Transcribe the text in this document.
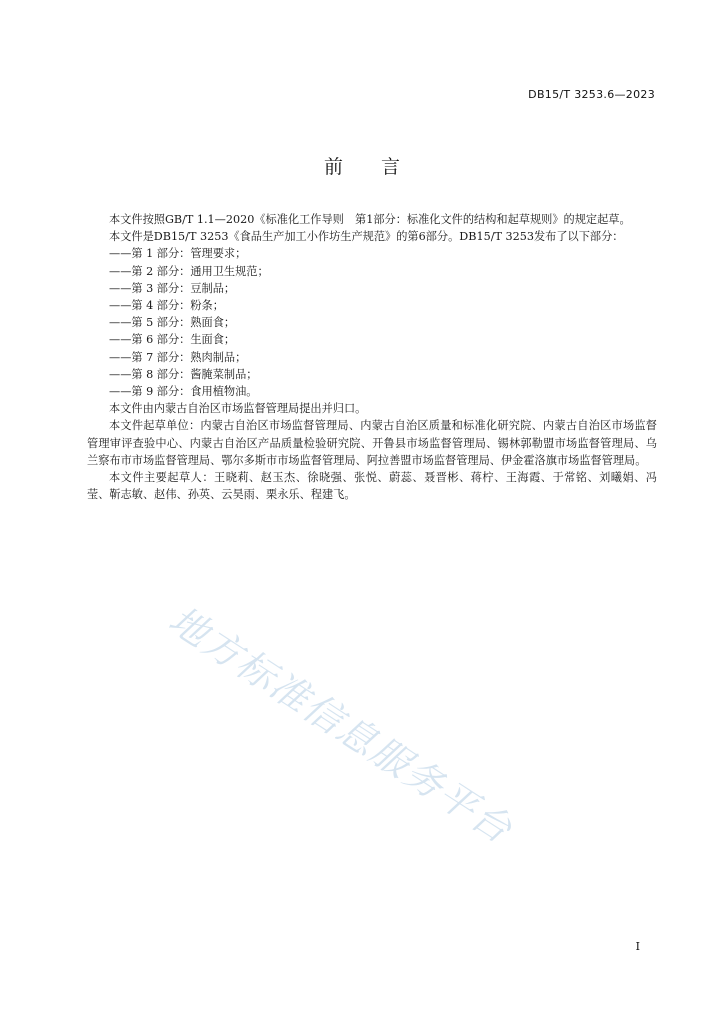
DB15/T 3253.6—2023
前 言

本文件按照GB/T 1.1—2020《标准化工作导则　第1部分：标准化文件的结构和起草规则》的规定起草。

本文件是DB15/T 3253《食品生产加工小作坊生产规范》的第6部分。DB15/T 3253发布了以下部分：

——第 1 部分：管理要求；
——第 2 部分：通用卫生规范；
——第 3 部分：豆制品；
——第 4 部分：粉条；
——第 5 部分：熟面食；
——第 6 部分：生面食；
——第 7 部分：熟肉制品；
——第 8 部分：酱腌菜制品；
——第 9 部分：食用植物油。

本文件由内蒙古自治区市场监督管理局提出并归口。

本文件起草单位：内蒙古自治区市场监督管理局、内蒙古自治区质量和标准化研究院、内蒙古自治区市场监督管理审评查验中心、内蒙古自治区产品质量检验研究院、开鲁县市场监督管理局、锡林郭勒盟市场监督管理局、乌兰察布市市场监督管理局、鄂尔多斯市市场监督管理局、阿拉善盟市场监督管理局、伊金霍洛旗市场监督管理局。

本文件主要起草人：王晓莉、赵玉杰、徐晓强、张悦、蔚蕊、聂晋彬、蒋柠、王海霞、于常铭、刘曦娟、冯莹、靳志敏、赵伟、孙英、云昊雨、栗永乐、程建飞。

地方标准信息服务平台
I
